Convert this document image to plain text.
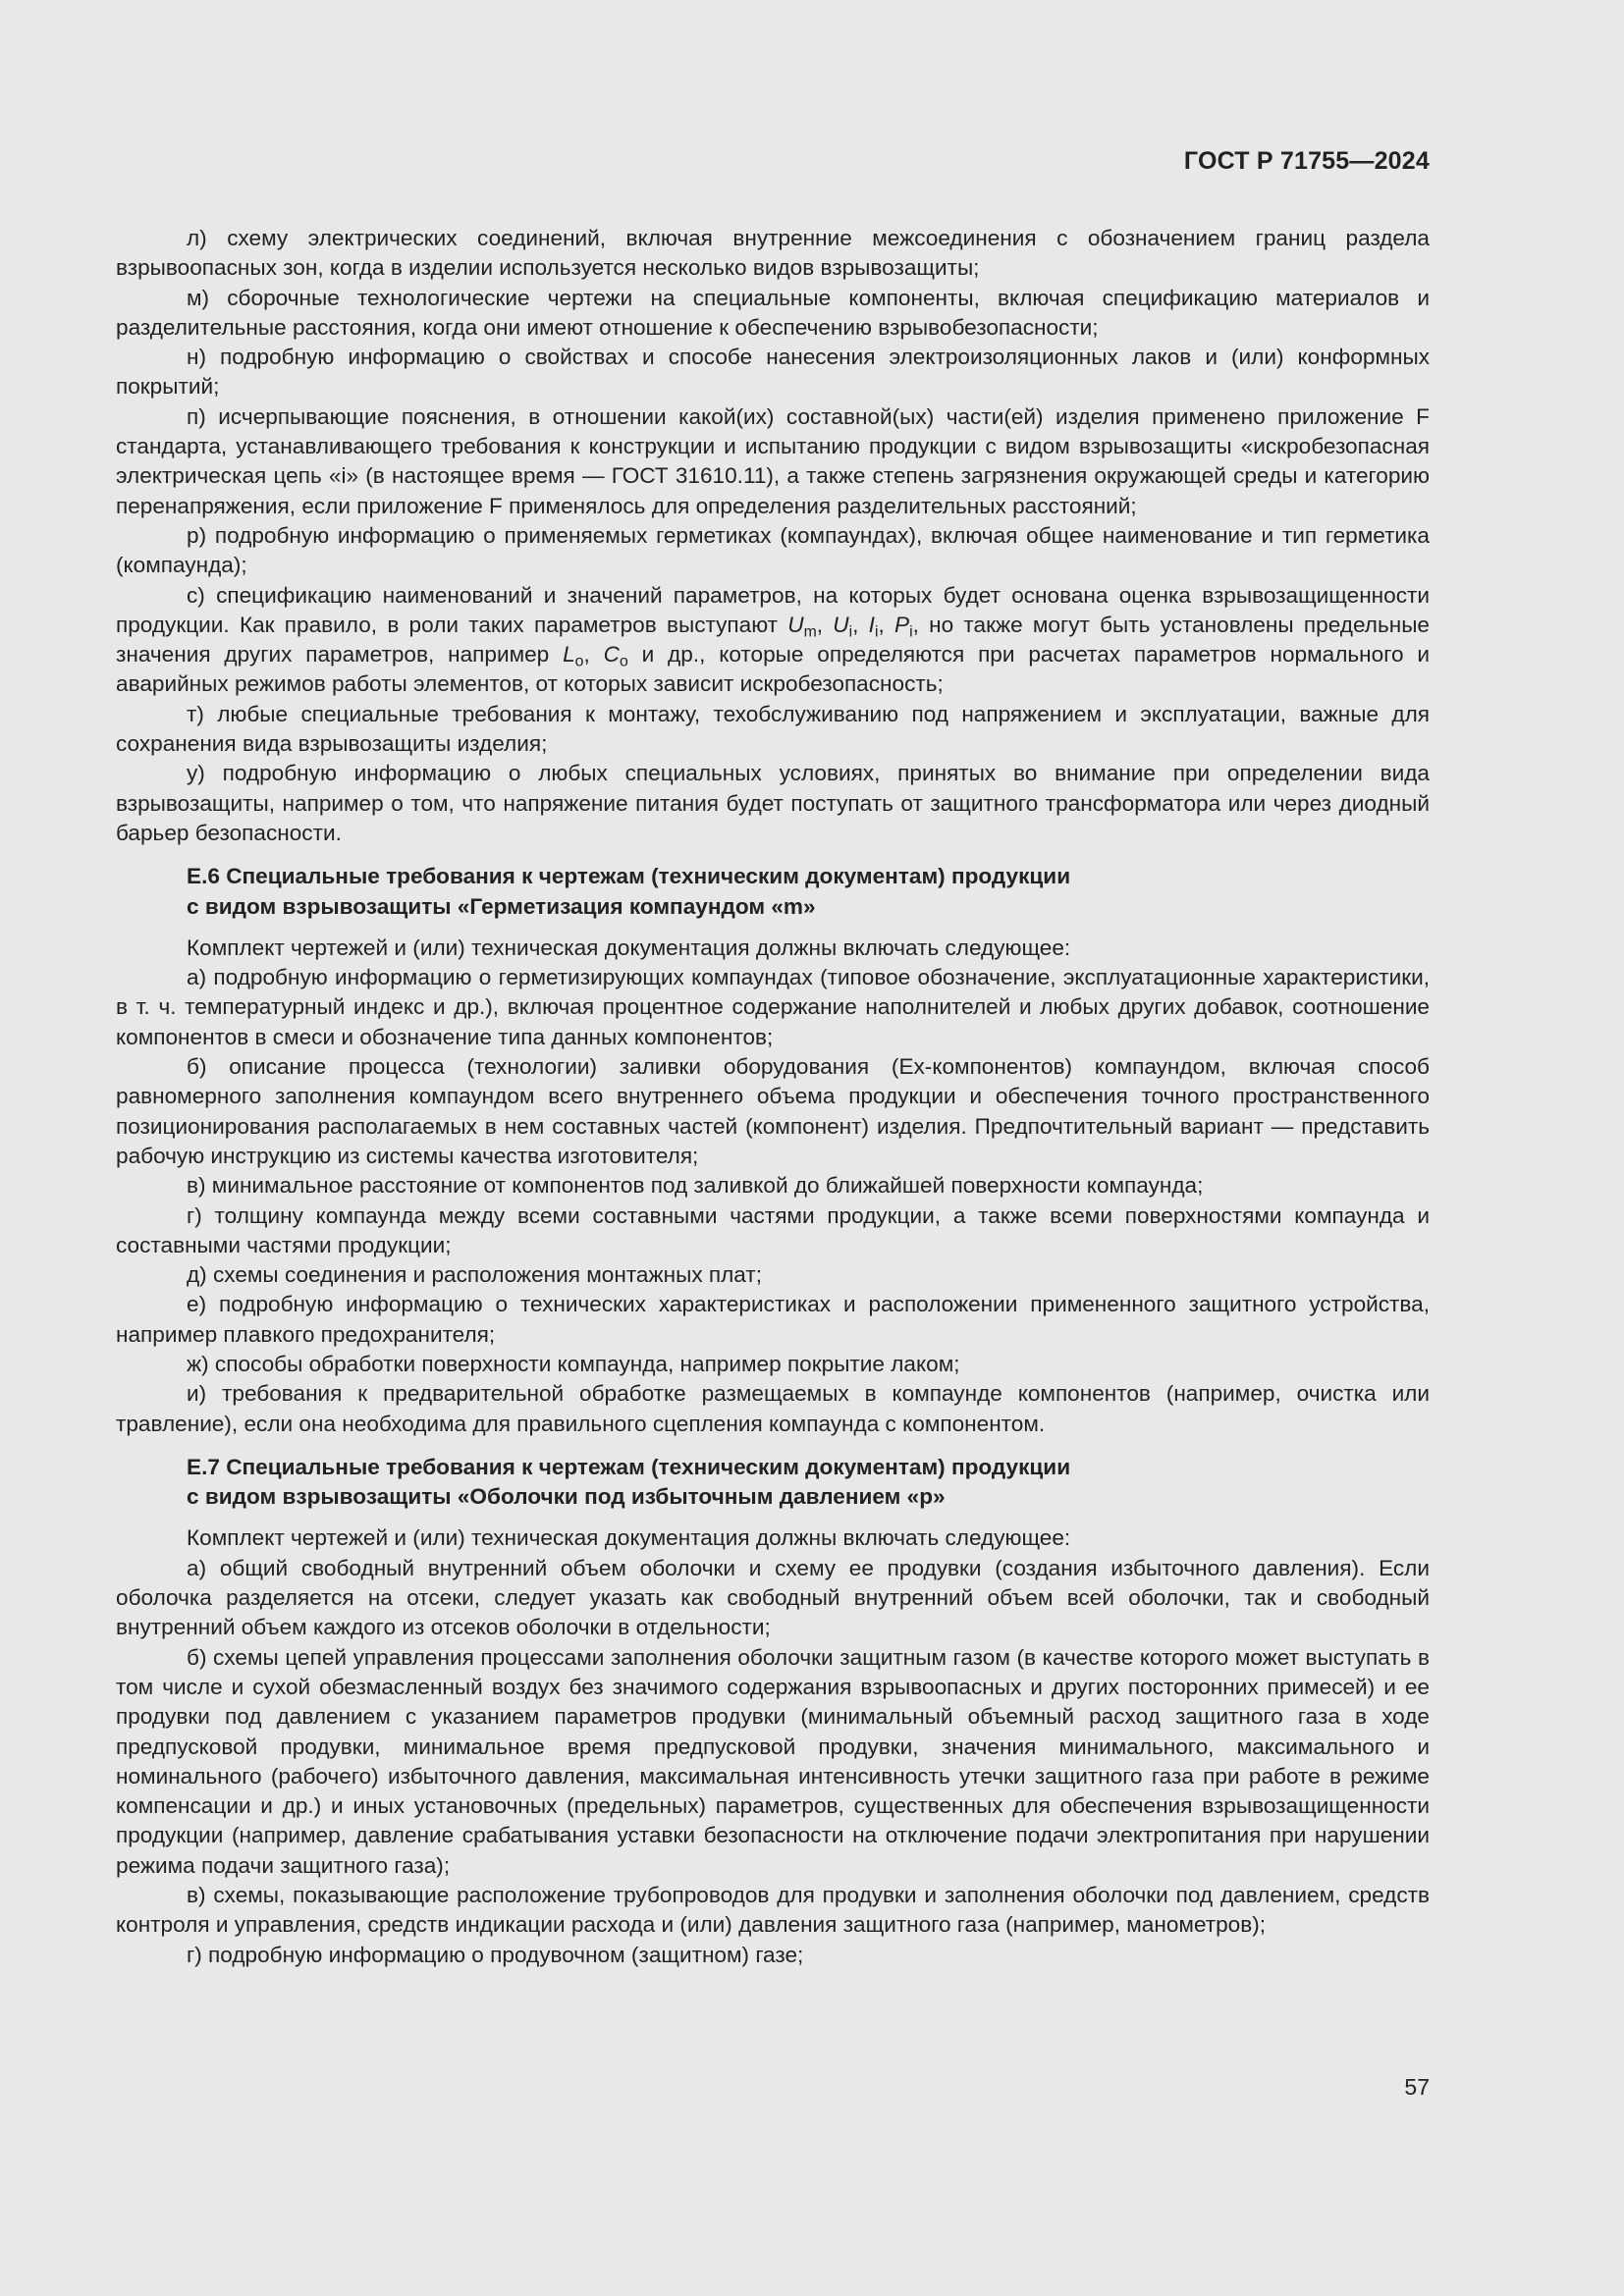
ГОСТ Р 71755—2024

л) схему электрических соединений, включая внутренние межсоединения с обозначением границ раздела взрывоопасных зон, когда в изделии используется несколько видов взрывозащиты;

м) сборочные технологические чертежи на специальные компоненты, включая спецификацию материалов и разделительные расстояния, когда они имеют отношение к обеспечению взрывобезопасности;

н) подробную информацию о свойствах и способе нанесения электроизоляционных лаков и (или) конформных покрытий;

п) исчерпывающие пояснения, в отношении какой(их) составной(ых) части(ей) изделия применено приложение F стандарта, устанавливающего требования к конструкции и испытанию продукции с видом взрывозащиты «искробезопасная электрическая цепь «i» (в настоящее время — ГОСТ 31610.11), а также степень загрязнения окружающей среды и категорию перенапряжения, если приложение F применялось для определения разделительных расстояний;

р) подробную информацию о применяемых герметиках (компаундах), включая общее наименование и тип герметика (компаунда);

с) спецификацию наименований и значений параметров, на которых будет основана оценка взрывозащищенности продукции. Как правило, в роли таких параметров выступают $U_m$, $U_i$, $I_i$, $P_i$, но также могут быть установлены предельные значения других параметров, например $L_o$, $C_o$ и др., которые определяются при расчетах параметров нормального и аварийных режимов работы элементов, от которых зависит искробезопасность;

т) любые специальные требования к монтажу, техобслуживанию под напряжением и эксплуатации, важные для сохранения вида взрывозащиты изделия;

у) подробную информацию о любых специальных условиях, принятых во внимание при определении вида взрывозащиты, например о том, что напряжение питания будет поступать от защитного трансформатора или через диодный барьер безопасности.

Е.6 Специальные требования к чертежам (техническим документам) продукции
с видом взрывозащиты «Герметизация компаундом «m»

Комплект чертежей и (или) техническая документация должны включать следующее:

а) подробную информацию о герметизирующих компаундах (типовое обозначение, эксплуатационные характеристики, в т. ч. температурный индекс и др.), включая процентное содержание наполнителей и любых других добавок, соотношение компонентов в смеси и обозначение типа данных компонентов;

б) описание процесса (технологии) заливки оборудования (Ех-компонентов) компаундом, включая способ равномерного заполнения компаундом всего внутреннего объема продукции и обеспечения точного пространственного позиционирования располагаемых в нем составных частей (компонент) изделия. Предпочтительный вариант — представить рабочую инструкцию из системы качества изготовителя;

в) минимальное расстояние от компонентов под заливкой до ближайшей поверхности компаунда;

г) толщину компаунда между всеми составными частями продукции, а также всеми поверхностями компаунда и составными частями продукции;

д) схемы соединения и расположения монтажных плат;

е) подробную информацию о технических характеристиках и расположении примененного защитного устройства, например плавкого предохранителя;

ж) способы обработки поверхности компаунда, например покрытие лаком;

и) требования к предварительной обработке размещаемых в компаунде компонентов (например, очистка или травление), если она необходима для правильного сцепления компаунда с компонентом.

Е.7 Специальные требования к чертежам (техническим документам) продукции
с видом взрывозащиты «Оболочки под избыточным давлением «p»

Комплект чертежей и (или) техническая документация должны включать следующее:

а) общий свободный внутренний объем оболочки и схему ее продувки (создания избыточного давления). Если оболочка разделяется на отсеки, следует указать как свободный внутренний объем всей оболочки, так и свободный внутренний объем каждого из отсеков оболочки в отдельности;

б) схемы цепей управления процессами заполнения оболочки защитным газом (в качестве которого может выступать в том числе и сухой обезмасленный воздух без значимого содержания взрывоопасных и других посторонних примесей) и ее продувки под давлением с указанием параметров продувки (минимальный объемный расход защитного газа в ходе предпусковой продувки, минимальное время предпусковой продувки, значения минимального, максимального и номинального (рабочего) избыточного давления, максимальная интенсивность утечки защитного газа при работе в режиме компенсации и др.) и иных установочных (предельных) параметров, существенных для обеспечения взрывозащищенности продукции (например, давление срабатывания уставки безопасности на отключение подачи электропитания при нарушении режима подачи защитного газа);

в) схемы, показывающие расположение трубопроводов для продувки и заполнения оболочки под давлением, средств контроля и управления, средств индикации расхода и (или) давления защитного газа (например, манометров);

г) подробную информацию о продувочном (защитном) газе;

57
